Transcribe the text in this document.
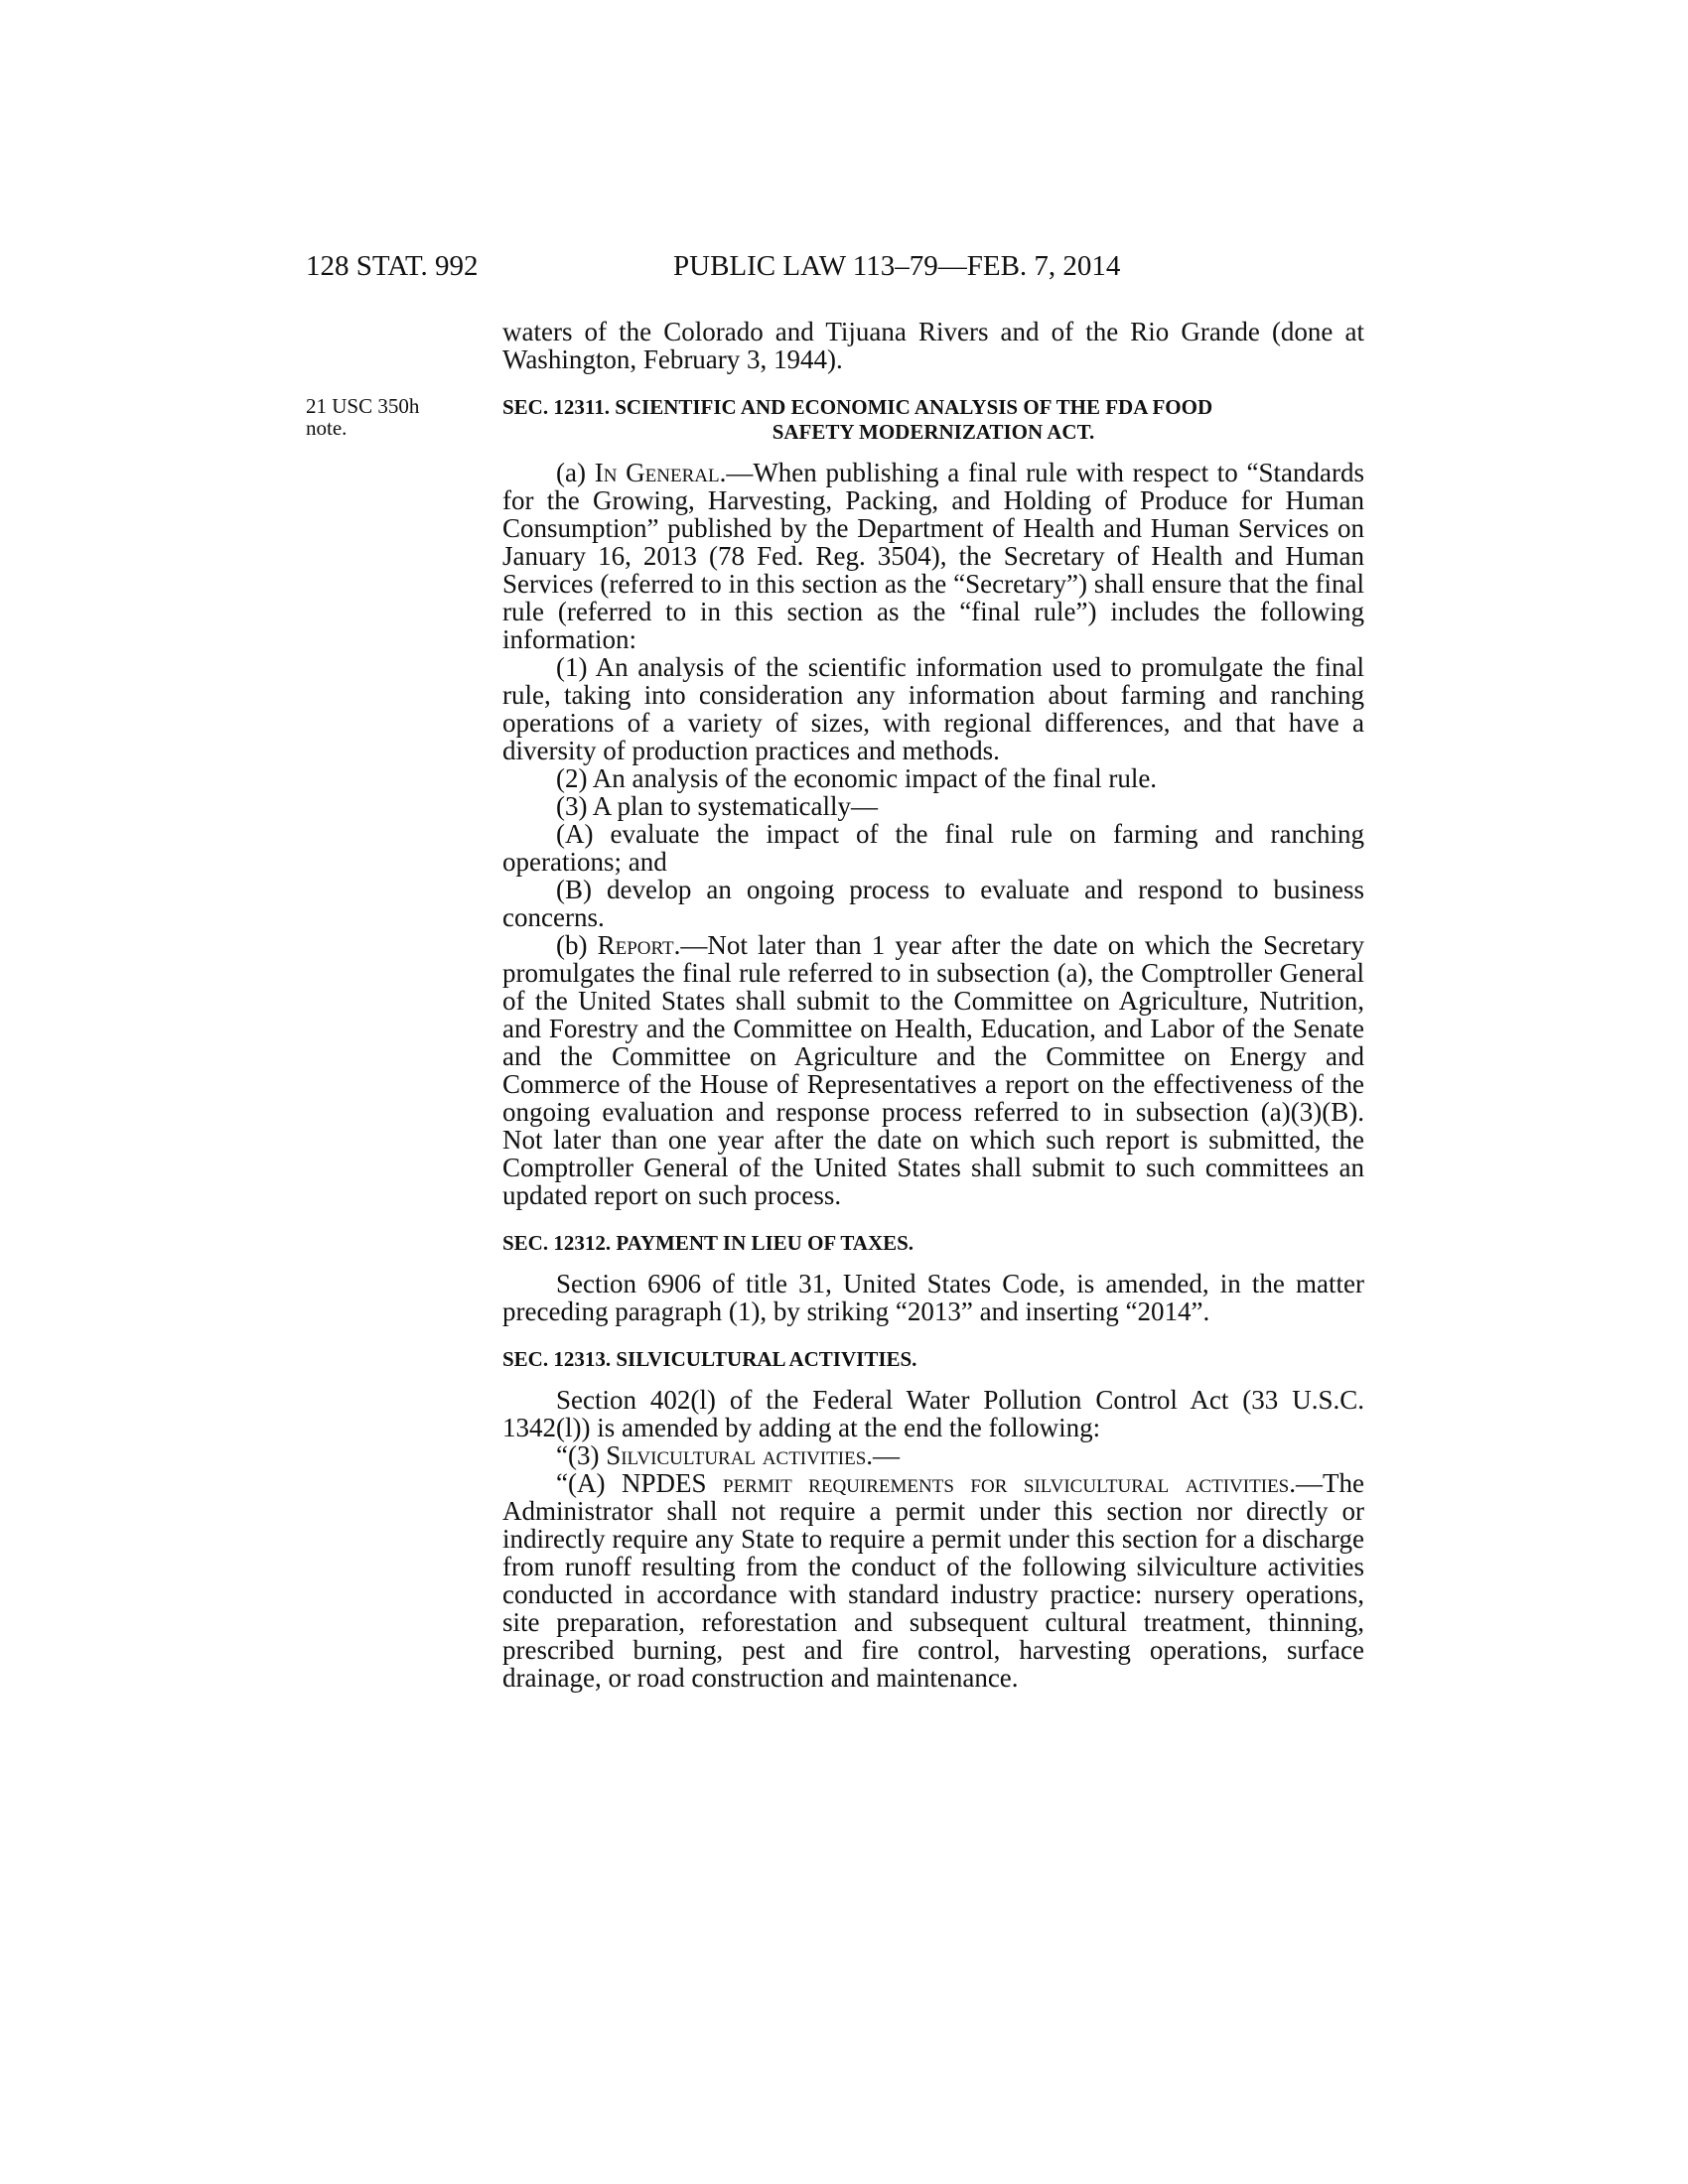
128 STAT. 992	PUBLIC LAW 113–79—FEB. 7, 2014
21 USC 350h
note.

waters of the Colorado and Tijuana Rivers and of the Rio Grande (done at Washington, February 3, 1944).

SEC. 12311. SCIENTIFIC AND ECONOMIC ANALYSIS OF THE FDA FOOD
SAFETY MODERNIZATION ACT.

(a) In General.—When publishing a final rule with respect to “Standards for the Growing, Harvesting, Packing, and Holding of Produce for Human Consumption” published by the Department of Health and Human Services on January 16, 2013 (78 Fed. Reg. 3504), the Secretary of Health and Human Services (referred to in this section as the “Secretary”) shall ensure that the final rule (referred to in this section as the “final rule”) includes the following information:

(1) An analysis of the scientific information used to promulgate the final rule, taking into consideration any information about farming and ranching operations of a variety of sizes, with regional differences, and that have a diversity of production practices and methods.

(2) An analysis of the economic impact of the final rule.

(3) A plan to systematically—

(A) evaluate the impact of the final rule on farming and ranching operations; and

(B) develop an ongoing process to evaluate and respond to business concerns.

(b) Report.—Not later than 1 year after the date on which the Secretary promulgates the final rule referred to in subsection (a), the Comptroller General of the United States shall submit to the Committee on Agriculture, Nutrition, and Forestry and the Committee on Health, Education, and Labor of the Senate and the Committee on Agriculture and the Committee on Energy and Commerce of the House of Representatives a report on the effectiveness of the ongoing evaluation and response process referred to in subsection (a)(3)(B). Not later than one year after the date on which such report is submitted, the Comptroller General of the United States shall submit to such committees an updated report on such process.

SEC. 12312. PAYMENT IN LIEU OF TAXES.

Section 6906 of title 31, United States Code, is amended, in the matter preceding paragraph (1), by striking “2013” and inserting “2014”.

SEC. 12313. SILVICULTURAL ACTIVITIES.

Section 402(l) of the Federal Water Pollution Control Act (33 U.S.C. 1342(l)) is amended by adding at the end the following:

“(3) Silvicultural activities.—

“(A) NPDES permit requirements for silvicultural activities.—The Administrator shall not require a permit under this section nor directly or indirectly require any State to require a permit under this section for a discharge from runoff resulting from the conduct of the following silviculture activities conducted in accordance with standard industry practice: nursery operations, site preparation, reforestation and subsequent cultural treatment, thinning, prescribed burning, pest and fire control, harvesting operations, surface drainage, or road construction and maintenance.
